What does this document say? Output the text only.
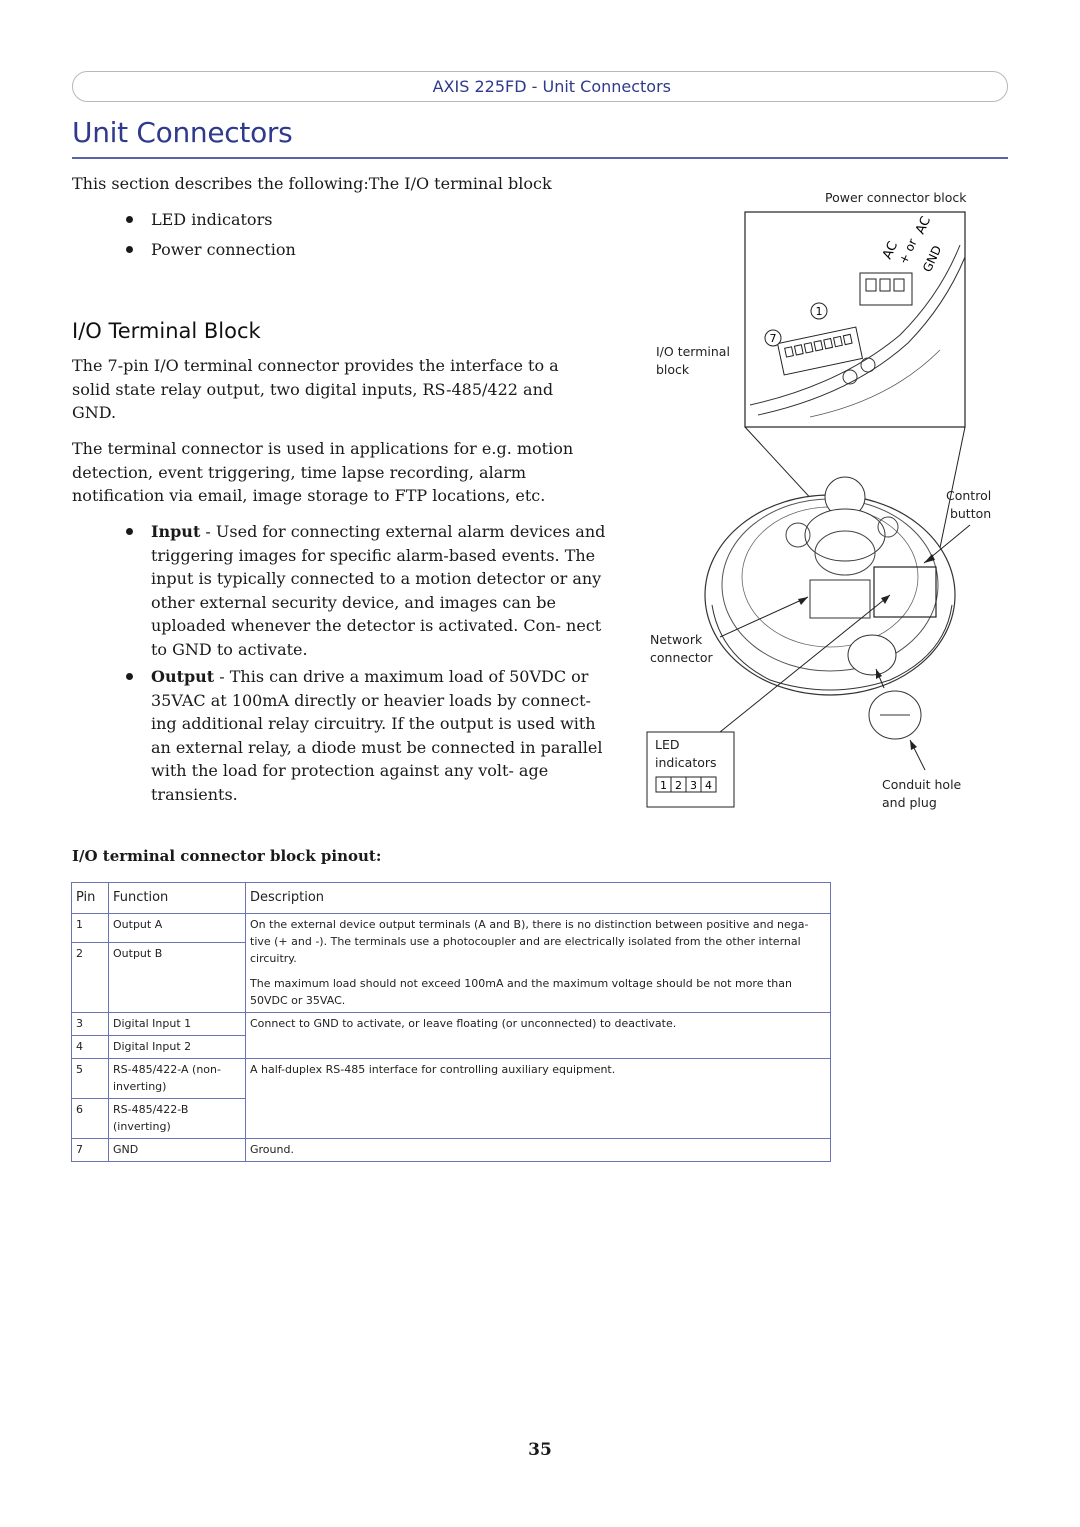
AXIS 225FD - Unit Connectors
Unit Connectors

This section describes the following:The I/O terminal block

LED indicators
Power connection
I/O Terminal Block

The 7-pin I/O terminal connector provides the interface to a solid state relay output, two digital inputs, RS-485/422 and GND.

The terminal connector is used in applications for e.g. motion detection, event triggering, time lapse recording, alarm notification via email, image storage to FTP locations, etc.

Input - Used for connecting external alarm devices and triggering images for specific alarm-based events. The input is typically connected to a motion detector or any other external security device, and images can be uploaded whenever the detector is activated. Con- nect to GND to activate.
Output - This can drive a maximum load of 50VDC or 35VAC at 100mA directly or heavier loads by connect- ing additional relay circuitry. If the output is used with an external relay, a diode must be connected in parallel with the load for protection against any volt- age transients.
1
7
AC
+ or
AC
GND
1 2 3 4
Power connector block
I/O terminal
block
Control
button
Network
connector
LED
indicators
Conduit hole
and plug
I/O terminal connector block pinout:
Pin	Function	Description
1	Output A	On the external device output terminals (A and B), there is no distinction between positive and nega- tive (+ and -). The terminals use a photocoupler and are electrically isolated from the other internal circuitry.
The maximum load should not exceed 100mA and the maximum voltage should be not more than 50VDC or 35VAC.

2	Output B	
3	Digital Input 1	Connect to GND to activate, or leave floating (or unconnected) to deactivate.
4	Digital Input 2	
5	RS-485/422-A (non-inverting)	A half-duplex RS-485 interface for controlling auxiliary equipment.
6	RS-485/422-B (inverting)	
7	GND	Ground.
35
